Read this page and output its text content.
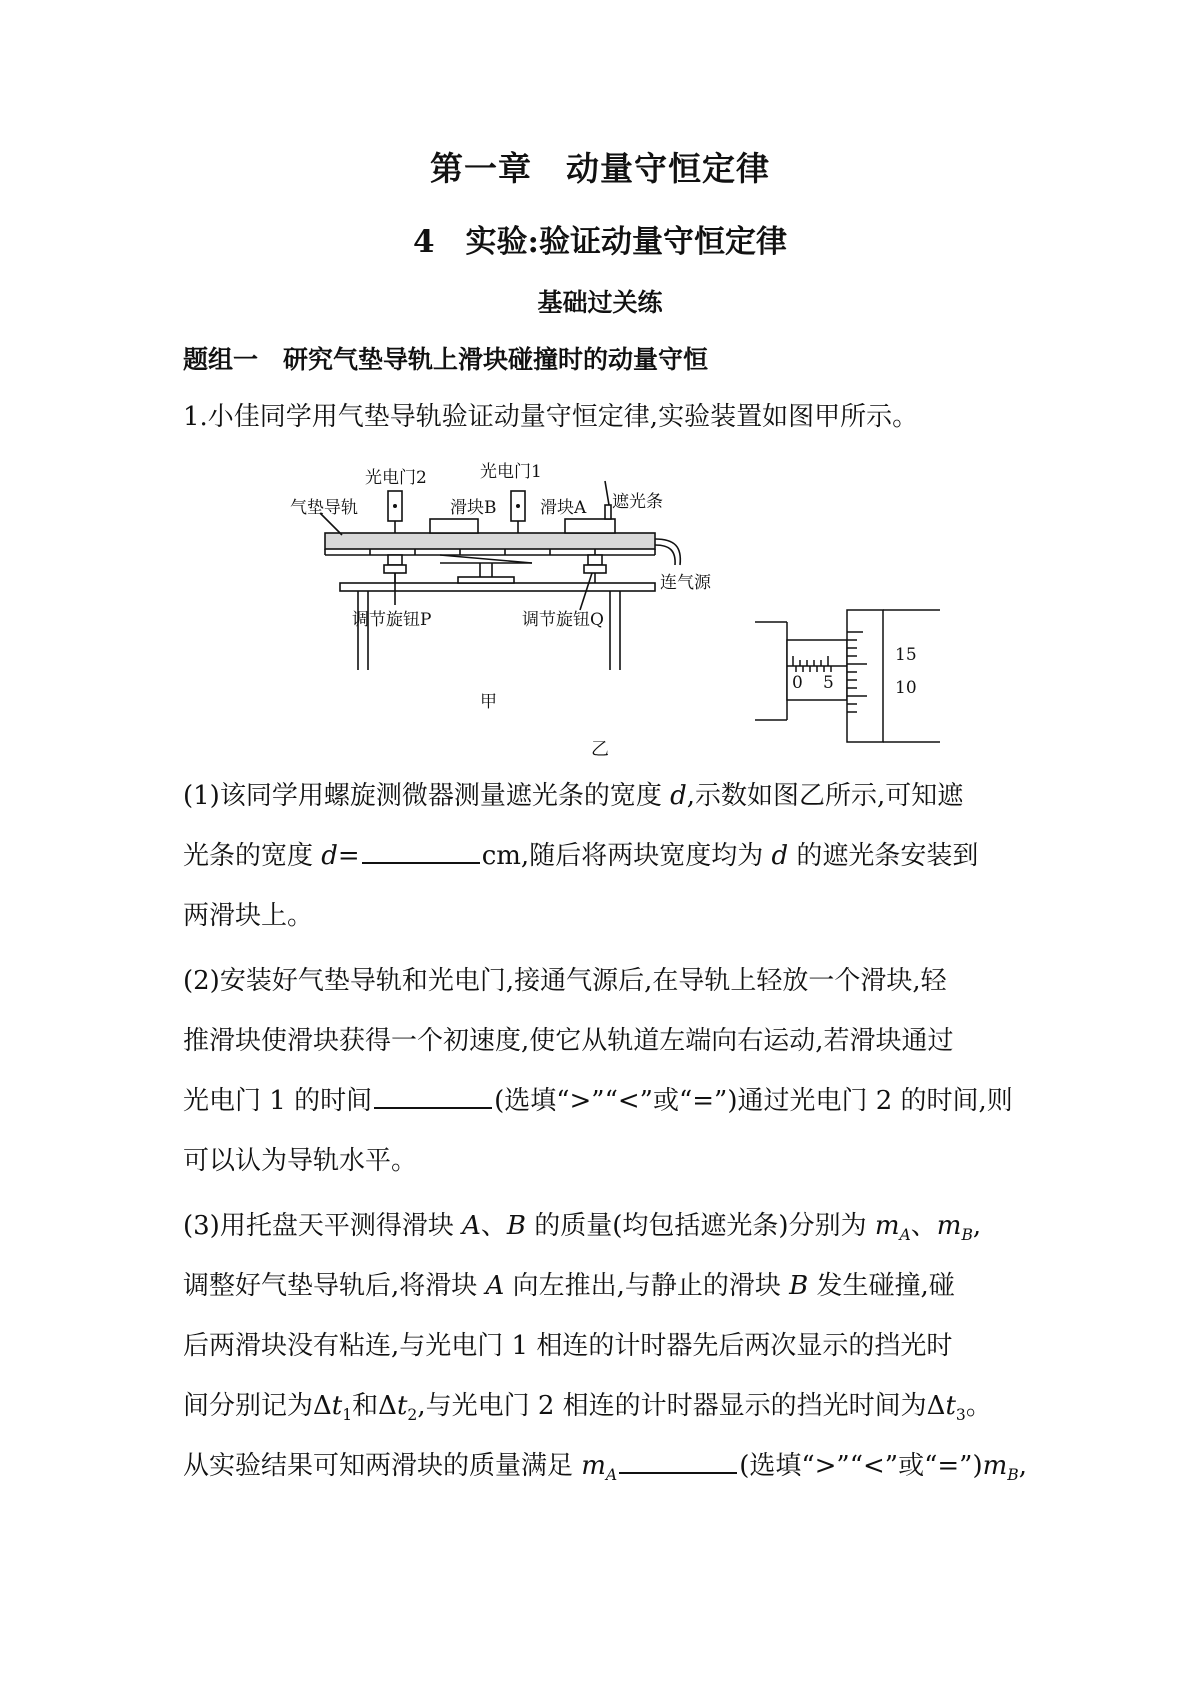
第一章　动量守恒定律
4　实验:验证动量守恒定律
基础过关练
题组一　研究气垫导轨上滑块碰撞时的动量守恒
1.小佳同学用气垫导轨验证动量守恒定律,实验装置如图甲所示。
光电门2	光电门1
气垫导轨	滑块B	滑块A 遮光条
连气源
调节旋钮P	调节旋钮Q
甲
15
10
0 5
乙
(1)该同学用螺旋测微器测量遮光条的宽度 d,示数如图乙所示,可知遮
光条的宽度 d=	cm,随后将两块宽度均为 d 的遮光条安装到
两滑块上。
(2)安装好气垫导轨和光电门,接通气源后,在导轨上轻放一个滑块,轻
推滑块使滑块获得一个初速度,使它从轨道左端向右运动,若滑块通过
光电门 1 的时间	(选填“>”“<”或“=”)通过光电门 2 的时间,则
可以认为导轨水平。
(3)用托盘天平测得滑块 A、B 的质量(均包括遮光条)分别为 $m_A$、$m_B$,
调整好气垫导轨后,将滑块 A 向左推出,与静止的滑块 B 发生碰撞,碰
后两滑块没有粘连,与光电门 1 相连的计时器先后两次显示的挡光时
间分别记为$\Delta t_1$和$\Delta t_2$,与光电门 2 相连的计时器显示的挡光时间为$\Delta t_3$。
从实验结果可知两滑块的质量满足 $m_A$	(选填“>”“<”或“$=”)m_B$,
